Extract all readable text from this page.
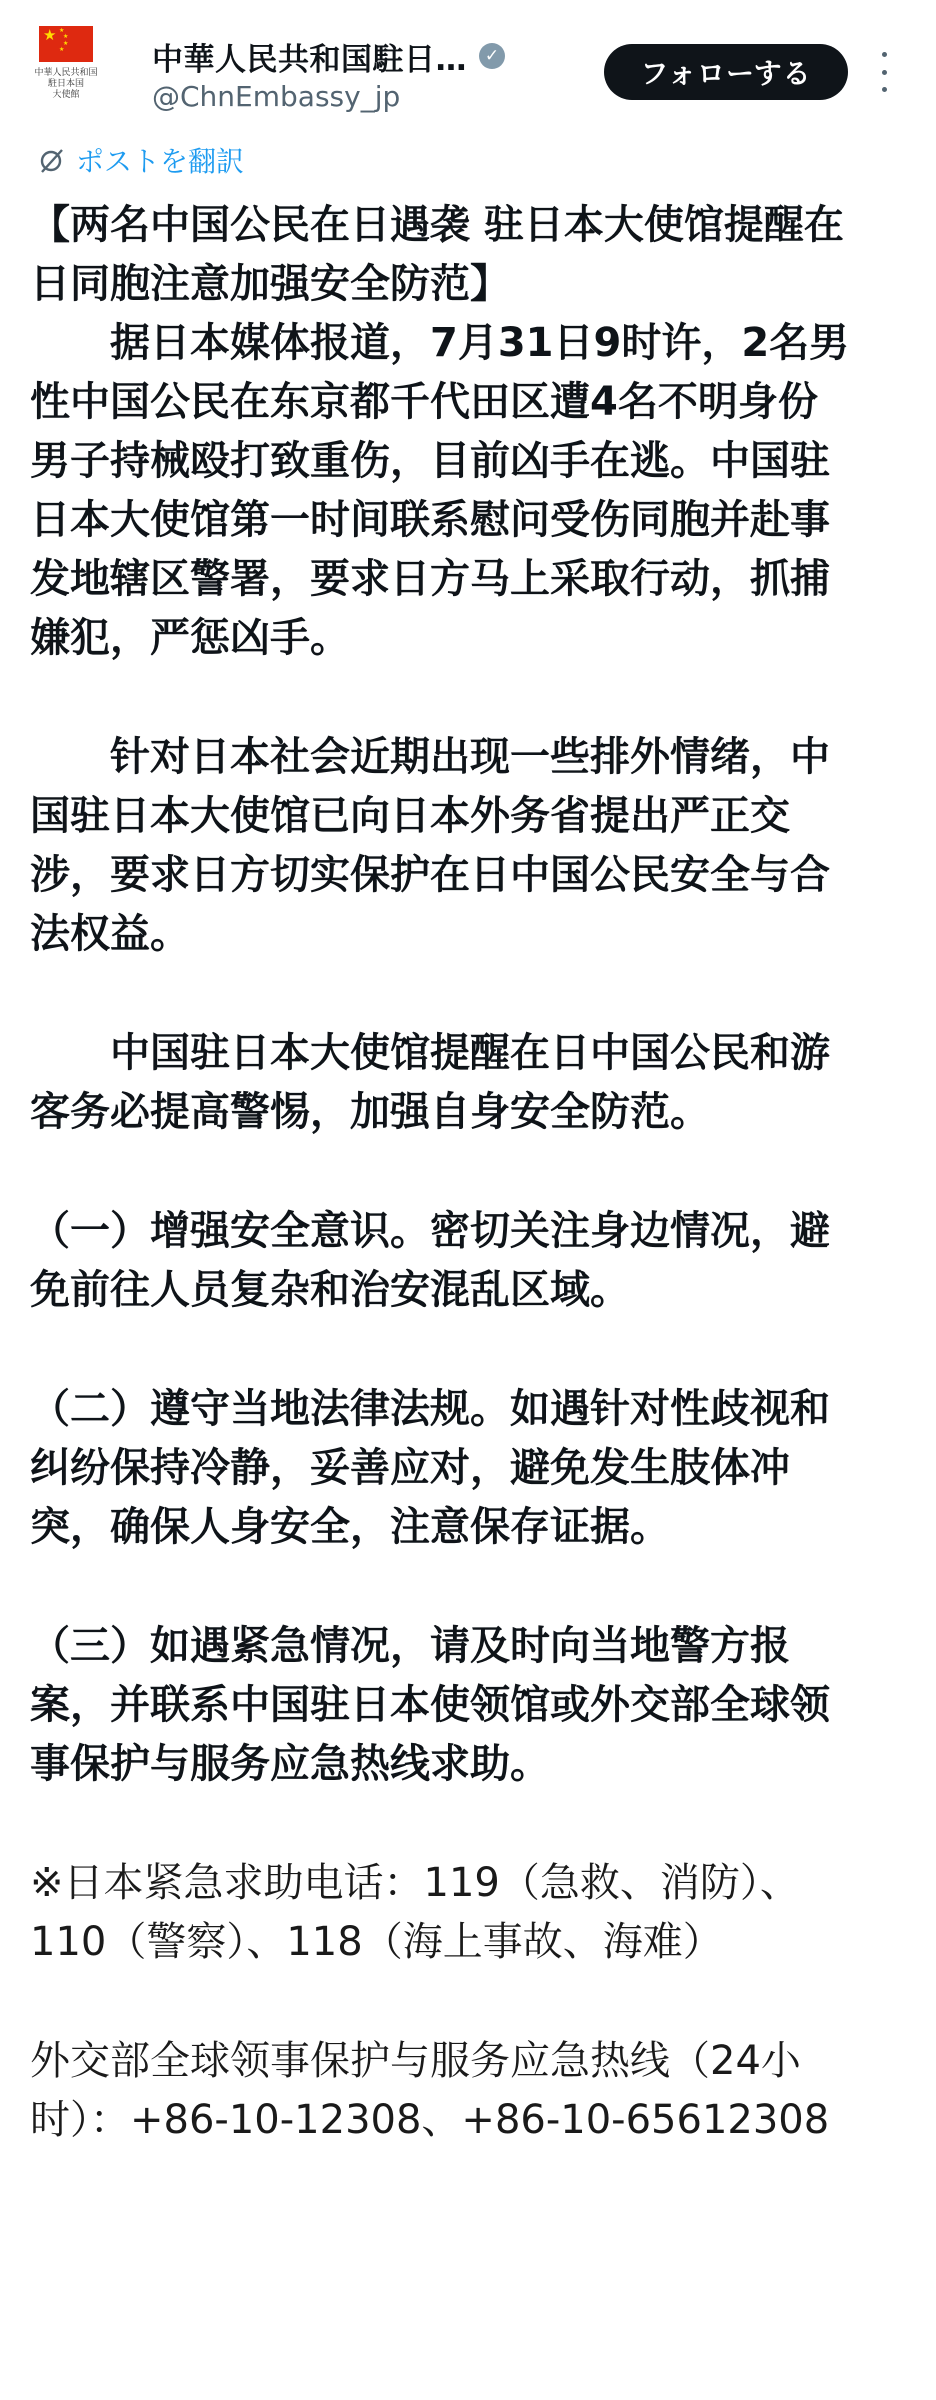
★ ★
★
★
★
中華人民共和国
駐日本国
大使館
中華人民共和国駐日…	✓
@ChnEmbassy_jp
フォローする
ポストを翻訳

【两名中国公民在日遇袭 驻日本大使馆提醒在

日同胞注意加强安全防范】

　　据日本媒体报道，7月31日9时许，2名男

性中国公民在东京都千代田区遭4名不明身份

男子持械殴打致重伤，目前凶手在逃。中国驻

日本大使馆第一时间联系慰问受伤同胞并赴事

发地辖区警署，要求日方马上采取行动，抓捕

嫌犯，严惩凶手。

　　针对日本社会近期出现一些排外情绪，中

国驻日本大使馆已向日本外务省提出严正交

涉，要求日方切实保护在日中国公民安全与合

法权益。

　　中国驻日本大使馆提醒在日中国公民和游

客务必提高警惕，加强自身安全防范。

（一）增强安全意识。密切关注身边情况，避

免前往人员复杂和治安混乱区域。

（二）遵守当地法律法规。如遇针对性歧视和

纠纷保持冷静，妥善应对，避免发生肢体冲

突，确保人身安全，注意保存证据。

（三）如遇紧急情况，请及时向当地警方报

案，并联系中国驻日本使领馆或外交部全球领

事保护与服务应急热线求助。

※日本紧急求助电话：119（急救、消防）、

110（警察）、118（海上事故、海难）

外交部全球领事保护与服务应急热线（24小

时）：+86-10-12308、+86-10-65612308
